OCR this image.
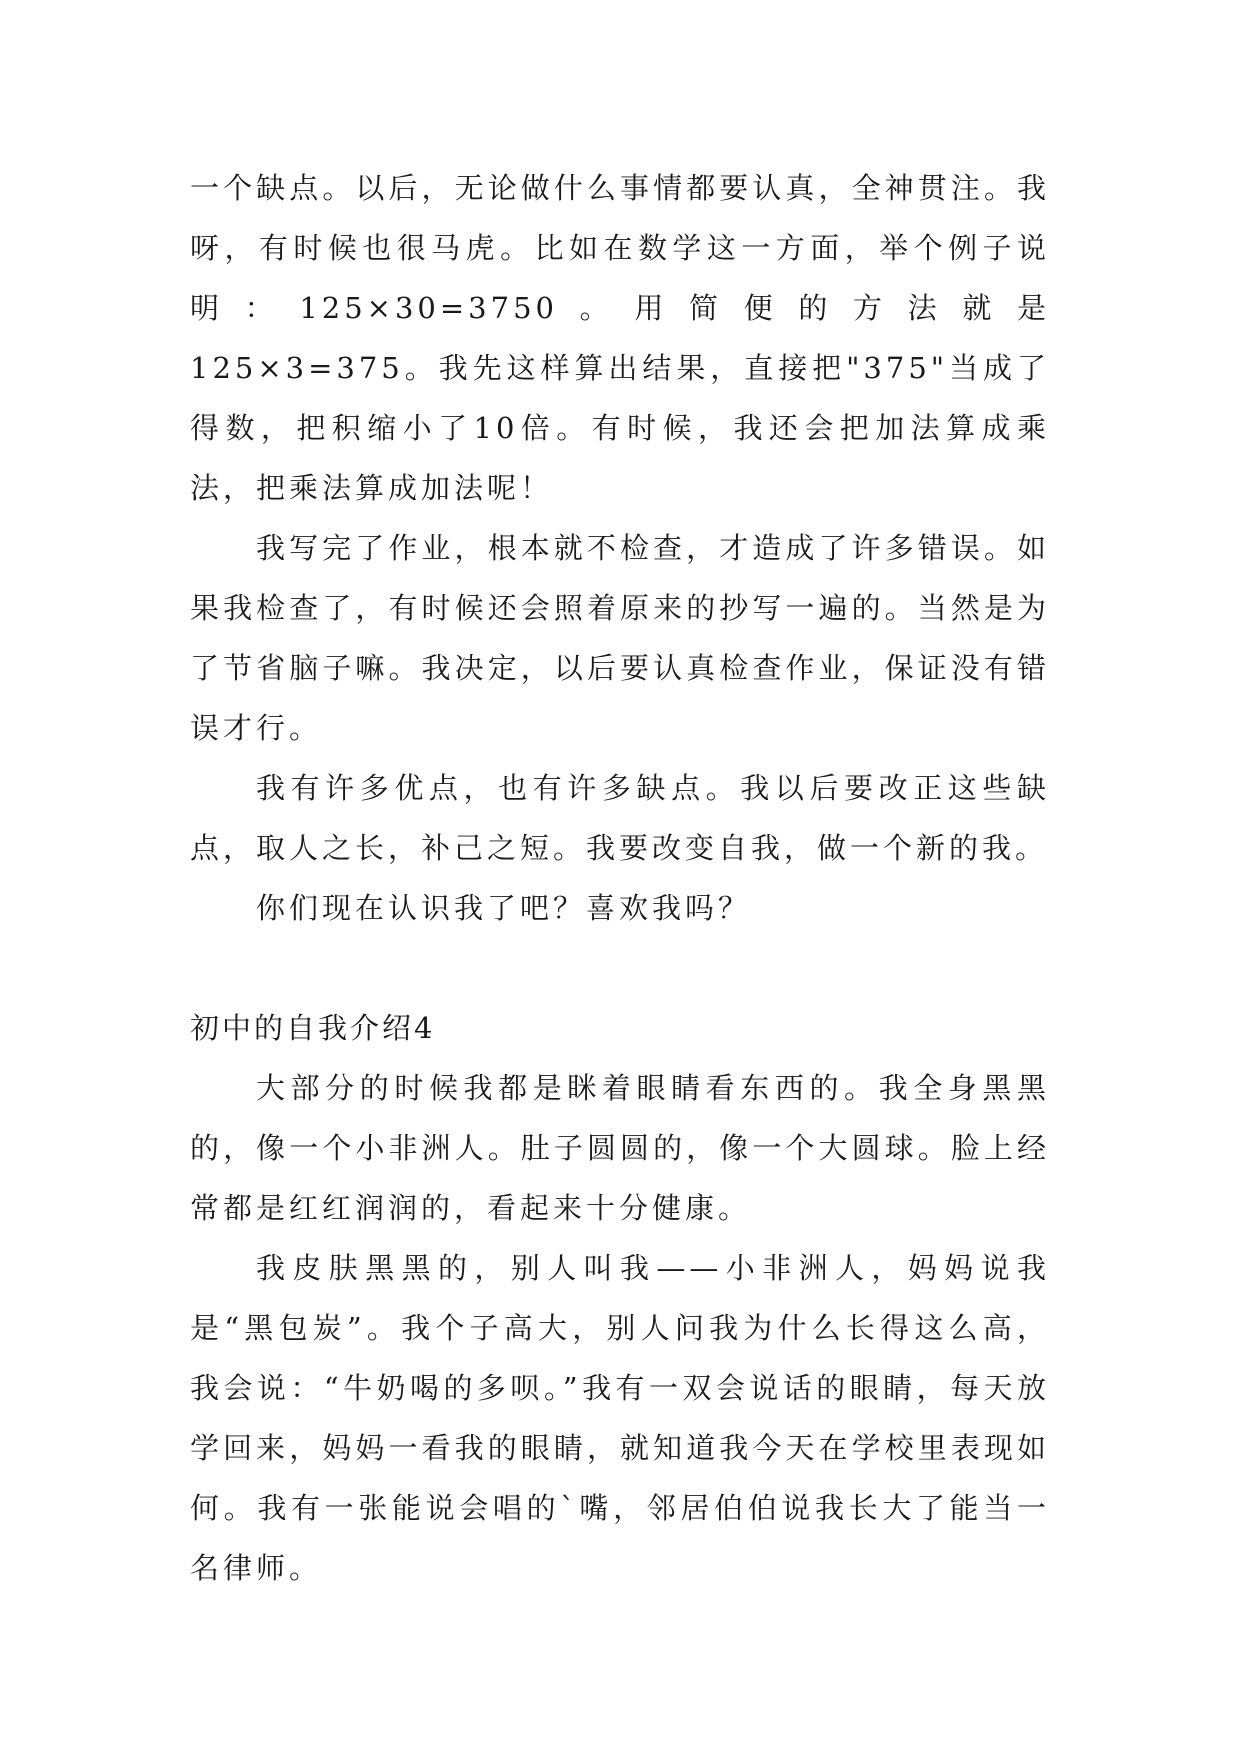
一个缺点。以后，无论做什么事情都要认真，全神贯注。我呀，有时候也很马虎。比如在数学这一方面，举个例子说明：125×30=3750。用简便的方法就是125×3=375。我先这样算出结果，直接把"375"当成了得数，把积缩小了10倍。有时候，我还会把加法算成乘法，把乘法算成加法呢！

我写完了作业，根本就不检查，才造成了许多错误。如果我检查了，有时候还会照着原来的抄写一遍的。当然是为了节省脑子嘛。我决定，以后要认真检查作业，保证没有错误才行。

我有许多优点，也有许多缺点。我以后要改正这些缺点，取人之长，补己之短。我要改变自我，做一个新的我。

你们现在认识我了吧？喜欢我吗？

初中的自我介绍4

大部分的时候我都是眯着眼睛看东西的。我全身黑黑的，像一个小非洲人。肚子圆圆的，像一个大圆球。脸上经常都是红红润润的，看起来十分健康。

我皮肤黑黑的，别人叫我——小非洲人，妈妈说我是“黑包炭”。我个子高大，别人问我为什么长得这么高，我会说：“牛奶喝的多呗。”我有一双会说话的眼睛，每天放学回来，妈妈一看我的眼睛，就知道我今天在学校里表现如何。我有一张能说会唱的`嘴，邻居伯伯说我长大了能当一名律师。
